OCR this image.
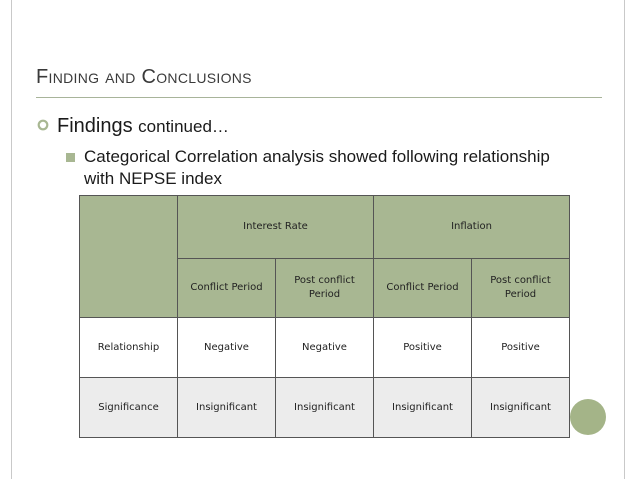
Finding and Conclusions
Findings continued…
Categorical Correlation analysis showed following relationship with NEPSE index
	Interest Rate		Inflation	
	Conflict Period	Post conflict Period	Conflict Period	Post conflict Period
Relationship	Negative	Negative	Positive	Positive
Significance	Insignificant	Insignificant	Insignificant	Insignificant
